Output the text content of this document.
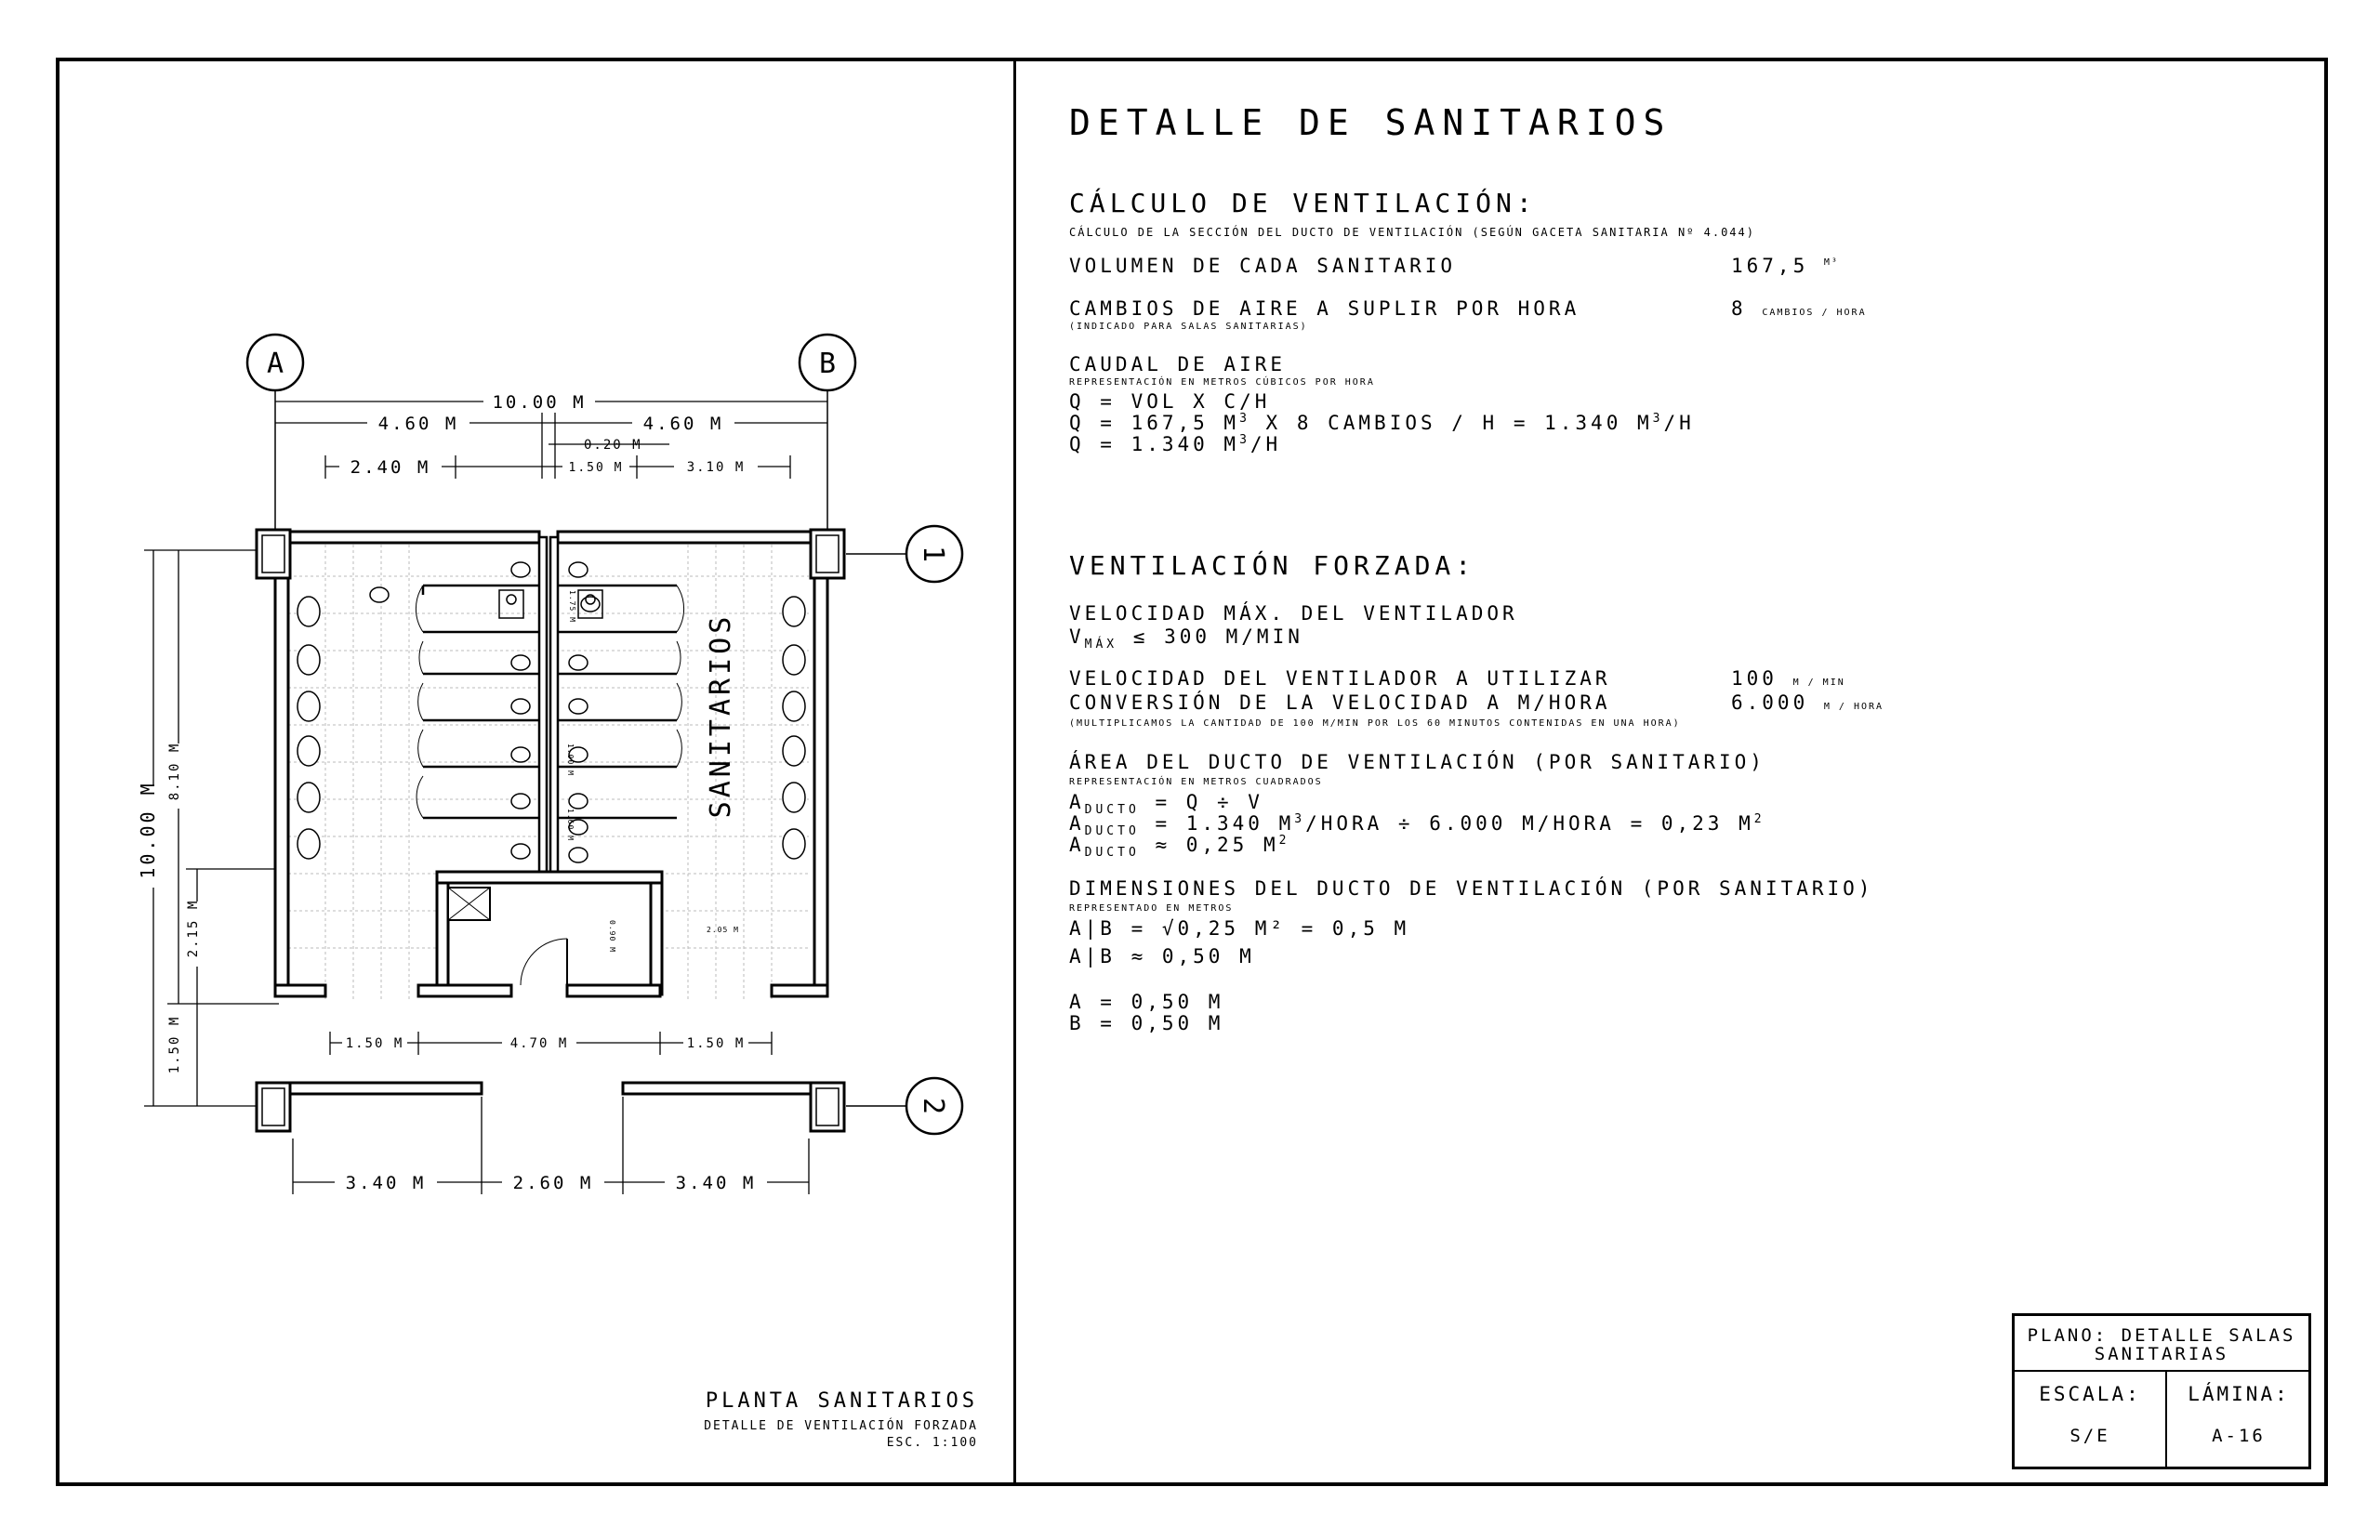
A	B
1
2
10.00 M
4.60 M	4.60 M
0.20 M
2.40 M	1.50 M	3.10 M
10.00 M
8.10 M
2.15 M
1.50 M
1.75 M
1.00 M
1.60 M
2.05 M
0.90 M
SANITARIOS
1.50 M	4.70 M	1.50 M
3.40 M	2.60 M	3.40 M
PLANTA SANITARIOS
DETALLE DE VENTILACIÓN FORZADA
ESC. 1:100
DETALLE DE SANITARIOS
CÁLCULO DE VENTILACIÓN:
CÁLCULO DE LA SECCIÓN DEL DUCTO DE VENTILACIÓN (SEGÚN GACETA SANITARIA Nº 4.044)
VOLUMEN DE CADA SANITARIO	167,5 $^{M^3}$
CAMBIOS DE AIRE A SUPLIR POR HORA
(INDICADO PARA SALAS SANITARIAS)
8 CAMBIOS / HORA
CAUDAL DE AIRE
REPRESENTACIÓN EN METROS CÚBICOS POR HORA
Q = VOL X C/H
Q = 167,5 $M^3$ X 8 CAMBIOS / H = 1.340 $M^3/H$
Q = 1.340 $M^3/H$
VENTILACIÓN FORZADA:
VELOCIDAD MÁX. DEL VENTILADOR
$V_{MÁX} \le 300$ M/MIN
VELOCIDAD DEL VENTILADOR A UTILIZAR	100 M / MIN
CONVERSIÓN DE LA VELOCIDAD A M/HORA	6.000 M / HORA
(MULTIPLICAMOS LA CANTIDAD DE 100 M/MIN POR LOS 60 MINUTOS CONTENIDAS EN UNA HORA)
ÁREA DEL DUCTO DE VENTILACIÓN (POR SANITARIO)
REPRESENTACIÓN EN METROS CUADRADOS
$A_{DUCTO} = Q \div V$
$A_{DUCTO} = 1.340$ $M^3$/HORA ÷ 6.000 M/HORA = 0,23 $M^2$
$A_{DUCTO} \approx 0,25$ $M^2$
DIMENSIONES DEL DUCTO DE VENTILACIÓN (POR SANITARIO)
REPRESENTADO EN METROS
A|B = √0,25 M² = 0,5 M
A|B ≈ 0,50 M
A = 0,50 M
B = 0,50 M
PLANO: DETALLE SALAS
SANITARIAS
ESCALA:
S/E
LÁMINA:
A-16
